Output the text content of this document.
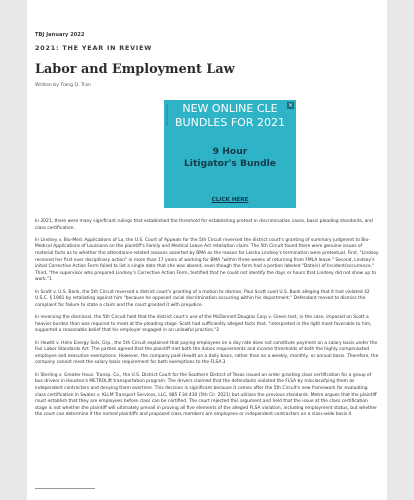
TBJ January 2022
2021: THE YEAR IN REVIEW
Labor and Employment Law
Written by Trang Q. Tran
Advertisement	×
NEW ONLINE CLE
BUNDLES FOR 2021
9 Hour
Litigator's Bundle
CLICK HERE

In 2021, there were many significant rulings that established the threshold for establishing pretext in discrimination cases, basic pleading standards, and class certification.

In Lindsey v. Bio-Med. Applications of La, the U.S. Court of Appeals for the 5th Circuit reversed the district court's granting of summary judgment to Bio-Medical Applications of Louisiana on the plaintiff's Family and Medical Leave Act retaliation claim. The 5th Circuit found there were genuine issues of material facts as to whether the attendance-related reasons asserted by BMA as the reason for Leisha Lindsey's termination were pretextual. First, "Lindsey received her first ever disciplinary action" in more than 17 years of working for BMA "within three weeks of returning from FMLA leave." Second, Lindsey's initial Corrective Action Form failed to list a single date that she was absent, even though the form had a portion labeled "Date(s) of Incident/occurrence." Third, "the supervisor who prepared Lindsey's Corrective Action Form, testified that he could not identify the days or hours that Lindsey did not show up to work."1

In Scott v. U.S. Bank, the 5th Circuit reversed a district court's granting of a motion to dismiss. Paul Scott sued U.S. Bank alleging that it had violated 42 U.S.C. § 1981 by retaliating against him "because he opposed racial discrimination occurring within his department." Defendant moved to dismiss the complaint for failure to state a claim and the court granted it with prejudice.

In reversing the dismissal, the 5th Circuit held that the district court's use of the McDonnell Douglas Corp v. Green test, in the case, imposed on Scott a heavier burden than was required to meet at the pleading stage. Scott had sufficiently alleged facts that, "interpreted in the light most favorable to him, supported a reasonable belief that his employer engaged in an unlawful practice."2

In Hewitt v. Helix Energy Sols. Grp., the 5th Circuit explained that paying employees on a day rate does not constitute payment on a salary basis under the Fair Labor Standards Act. The parties agreed that the plaintiff met both the duties requirements and income thresholds of both the highly compensated employee and executive exemptions. However, the company paid Hewitt on a daily basis, rather than on a weekly, monthly, or annual basis. Therefore, the company cannot meet the salary basis requirement for both exemptions to the FLSA.3

In Sterling v. Greater Hous. Transp. Co., the U.S. District Court for the Southern District of Texas issued an order granting class certification for a group of bus drivers in Houston's METROLift transportation program. The drivers claimed that the defendants violated the FLSA by misclassifying them as independent contractors and denying them overtime. This decision is significant because it comes after the 5th Circuit's new framework for evaluating class certification in Swales v. KLLM Transport Services, LLC, 985 F.3d 430 (5th Cir. 2021) but utilizes the previous standards. Metro argues that the plaintiff must establish that they are employees before class can be certified. The court rejected this argument and held that the issue at the class certification stage is not whether the plaintiff will ultimately prevail in proving all five elements of the alleged FLSA violation, including employment status, but whether the court can determine if the named plaintiffs and proposed class members are employees or independent contractors on a class-wide basis.4
